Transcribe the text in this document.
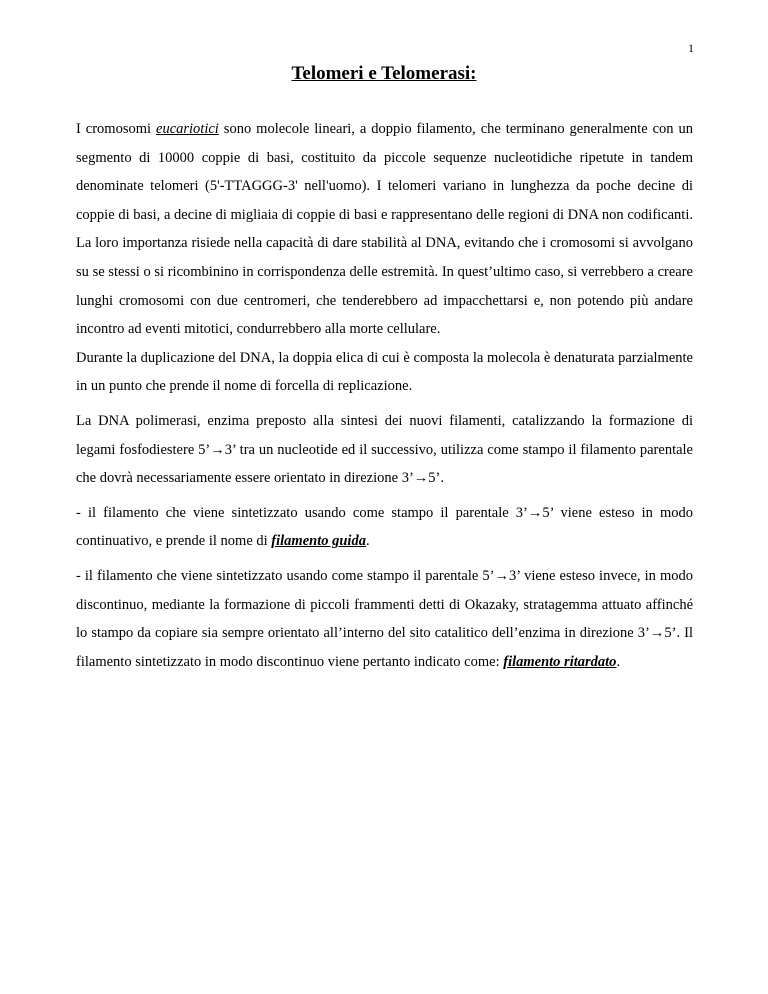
1
Telomeri e Telomerasi:

I cromosomi eucariotici sono molecole lineari, a doppio filamento, che terminano generalmente con un segmento di 10000 coppie di basi, costituito da piccole sequenze nucleotidiche ripetute in tandem denominate telomeri (5'-TTAGGG-3' nell'uomo). I telomeri variano in lunghezza da poche decine di coppie di basi, a decine di migliaia di coppie di basi e rappresentano delle regioni di DNA non codificanti. La loro importanza risiede nella capacità di dare stabilità al DNA, evitando che i cromosomi si avvolgano su se stessi o si ricombinino in corrispondenza delle estremità. In quest’ultimo caso, si verrebbero a creare lunghi cromosomi con due centromeri, che tenderebbero ad impacchettarsi e, non potendo più andare incontro ad eventi mitotici, condurrebbero alla morte cellulare.

Durante la duplicazione del DNA, la doppia elica di cui è composta la molecola è denaturata parzialmente in un punto che prende il nome di forcella di replicazione.

La DNA polimerasi, enzima preposto alla sintesi dei nuovi filamenti, catalizzando la formazione di legami fosfodiestere 5’→3’ tra un nucleotide ed il successivo, utilizza come stampo il filamento parentale che dovrà necessariamente essere orientato in direzione 3’→5’.

- il filamento che viene sintetizzato usando come stampo il parentale 3’→5’ viene esteso in modo continuativo, e prende il nome di filamento guida.

- il filamento che viene sintetizzato usando come stampo il parentale 5’→3’ viene esteso invece, in modo discontinuo, mediante la formazione di piccoli frammenti detti di Okazaky, stratagemma attuato affinché lo stampo da copiare sia sempre orientato all’interno del sito catalitico dell’enzima in direzione 3’→5’. Il filamento sintetizzato in modo discontinuo viene pertanto indicato come: filamento ritardato.
